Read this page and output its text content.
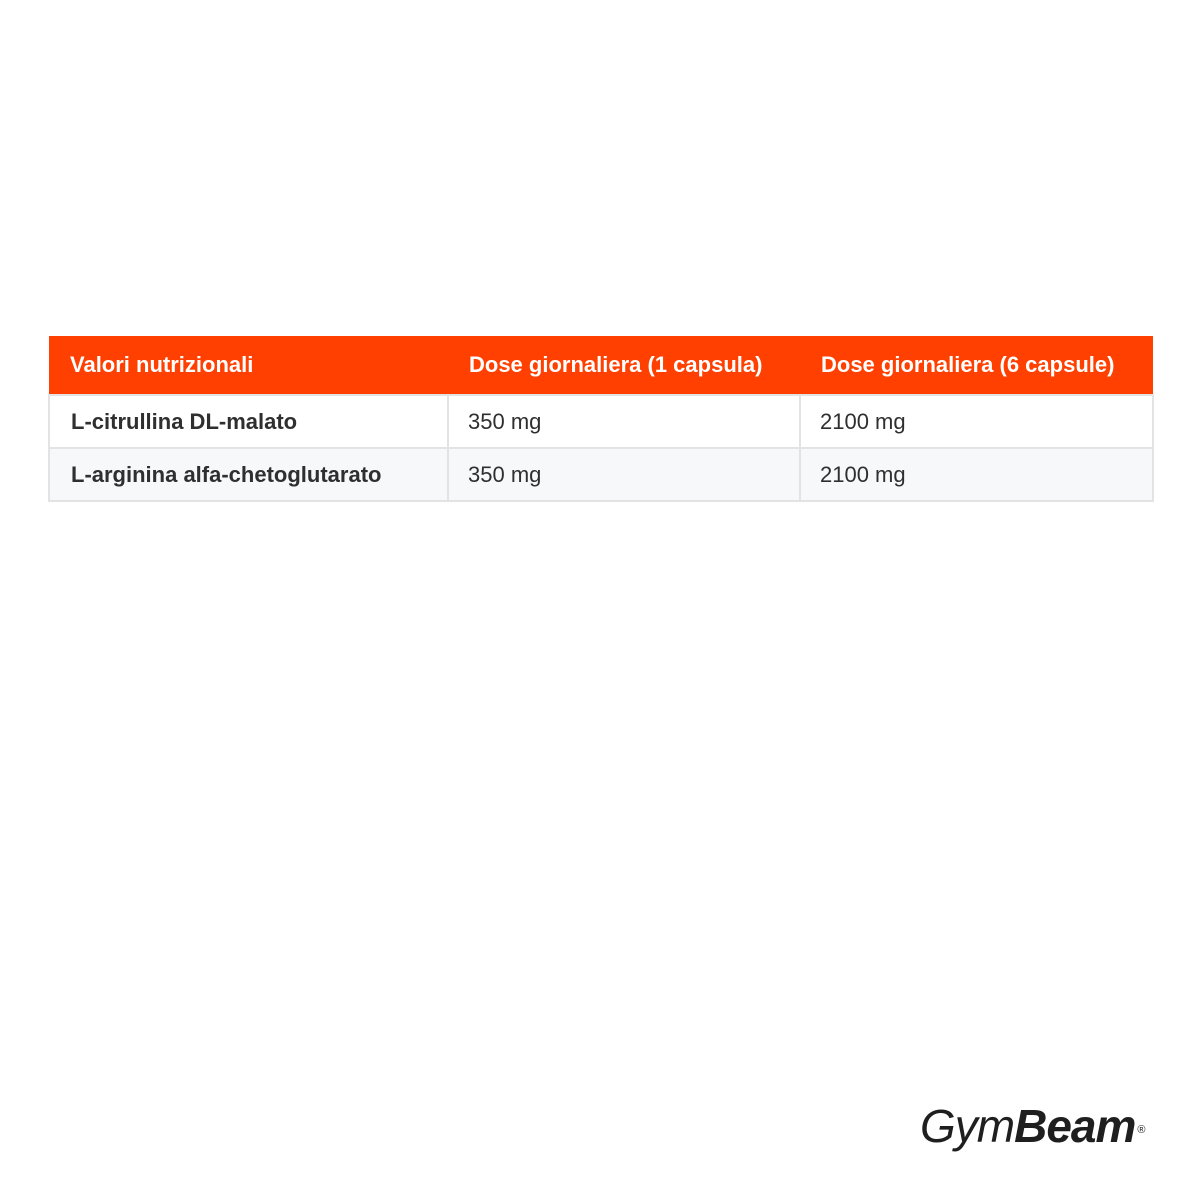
Valori nutrizionali	Dose giornaliera (1 capsula)	Dose giornaliera (6 capsule)
L-citrullina DL-malato	350 mg	2100 mg
L-arginina alfa-chetoglutarato	350 mg	2100 mg
GymBeam ®
